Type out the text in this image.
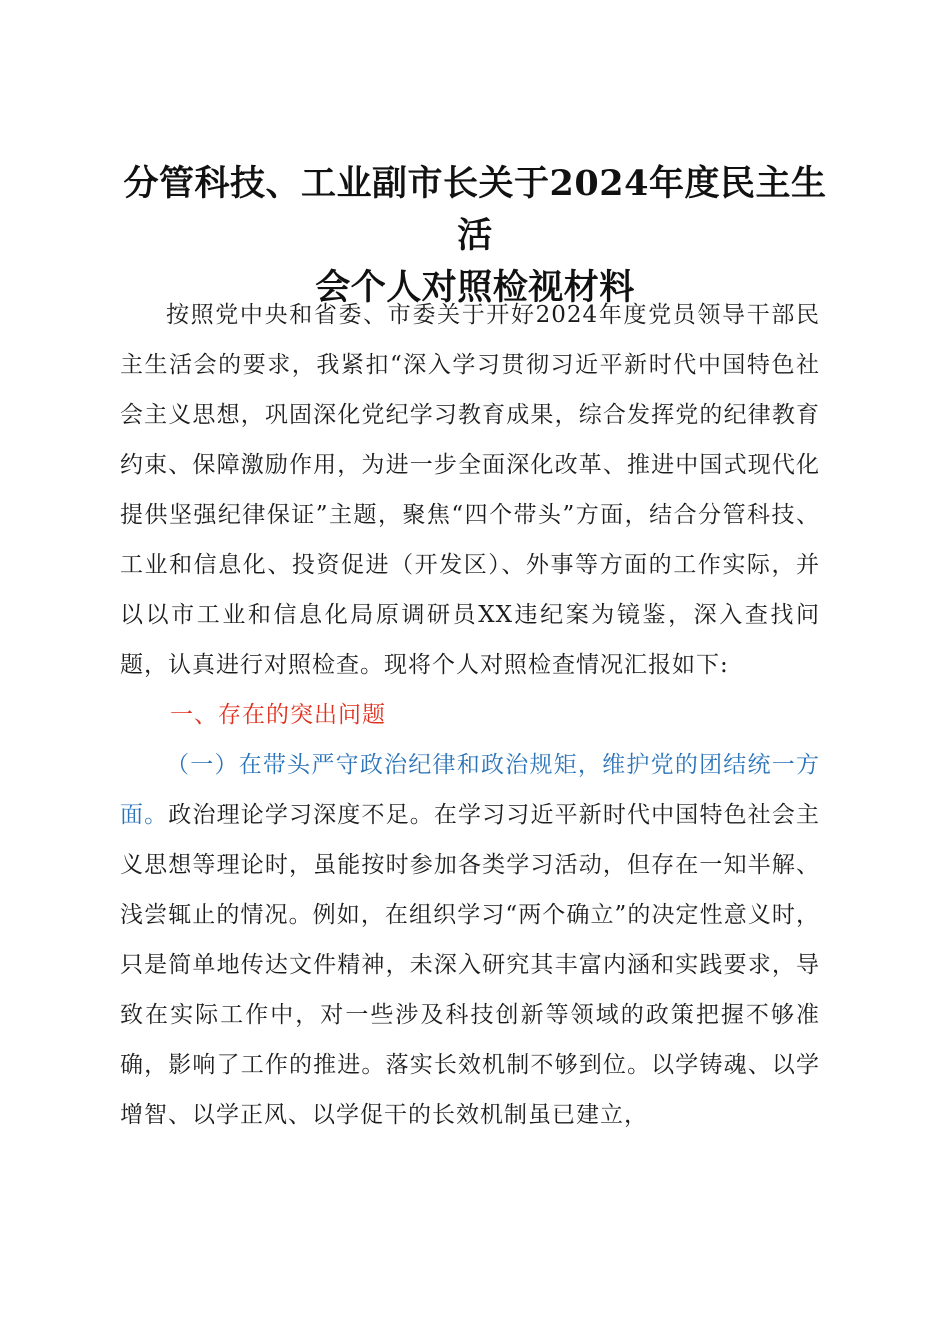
分管科技、工业副市长关于2024年度民主生活
会个人对照检视材料

按照党中央和省委、市委关于开好2024年度党员领导干部民主生活会的要求，我紧扣“深入学习贯彻习近平新时代中国特色社会主义思想，巩固深化党纪学习教育成果，综合发挥党的纪律教育约束、保障激励作用，为进一步全面深化改革、推进中国式现代化提供坚强纪律保证”主题，聚焦“四个带头”方面，结合分管科技、工业和信息化、投资促进（开发区）、外事等方面的工作实际，并以以市工业和信息化局原调研员XX违纪案为镜鉴，深入查找问题，认真进行对照检查。现将个人对照检查情况汇报如下:

一、存在的突出问题

（一）在带头严守政治纪律和政治规矩，维护党的团结统一方面。政治理论学习深度不足。在学习习近平新时代中国特色社会主义思想等理论时，虽能按时参加各类学习活动，但存在一知半解、浅尝辄止的情况。例如，在组织学习“两个确立”的决定性意义时，只是简单地传达文件精神，未深入研究其丰富内涵和实践要求，导致在实际工作中，对一些涉及科技创新等领域的政策把握不够准确，影响了工作的推进。落实长效机制不够到位。以学铸魂、以学增智、以学正风、以学促干的长效机制虽已建立，
